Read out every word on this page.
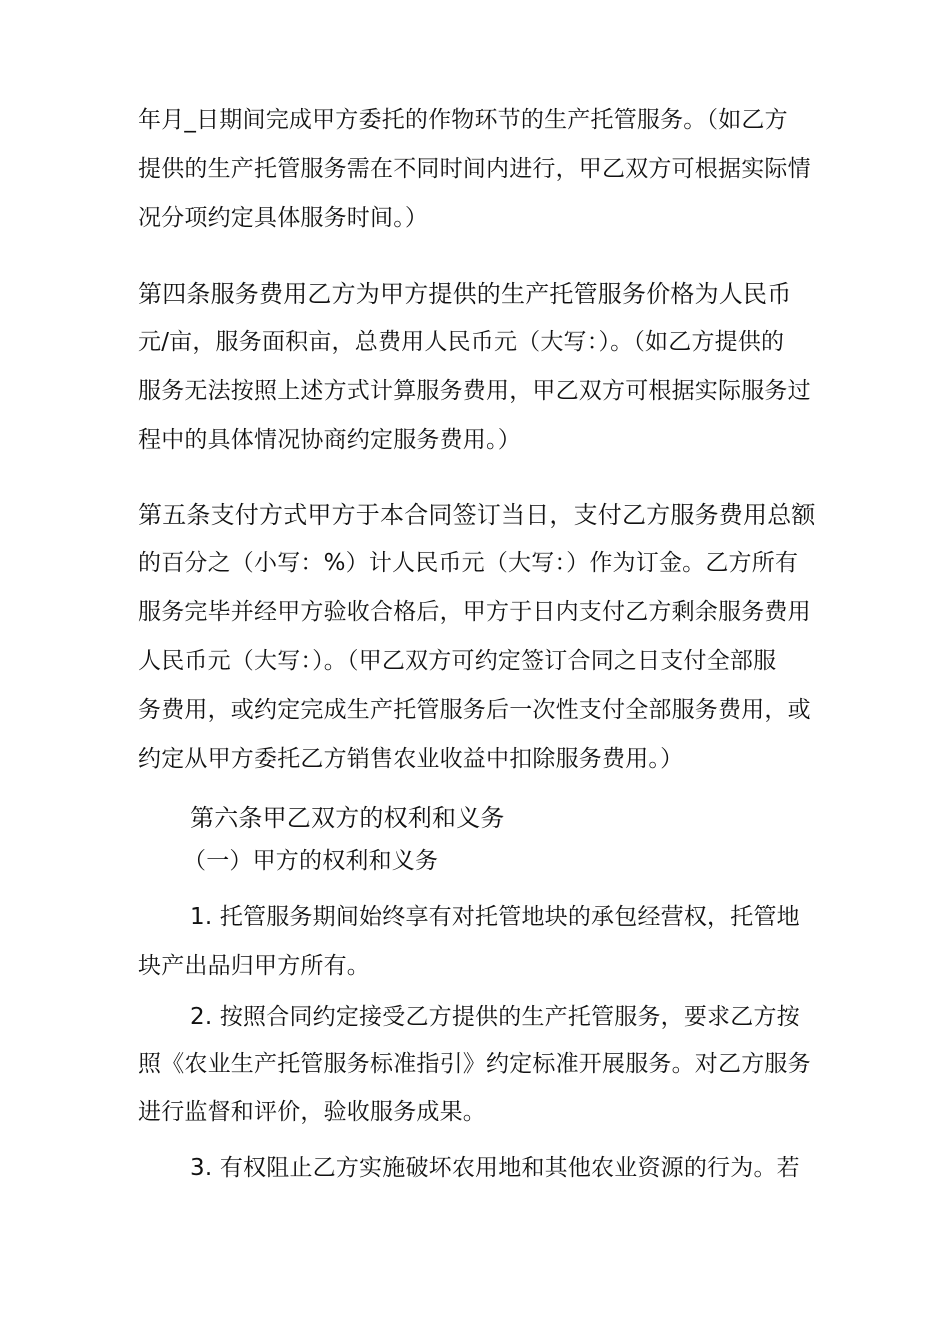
年月_日期间完成甲方委托的作物环节的生产托管服务。（如乙方
提供的生产托管服务需在不同时间内进行，甲乙双方可根据实际情
况分项约定具体服务时间。）
第四条服务费用乙方为甲方提供的生产托管服务价格为人民币
元/亩，服务面积亩，总费用人民币元（大写：）。（如乙方提供的
服务无法按照上述方式计算服务费用，甲乙双方可根据实际服务过
程中的具体情况协商约定服务费用。）
第五条支付方式甲方于本合同签订当日，支付乙方服务费用总额
的百分之（小写：%）计人民币元（大写：）作为订金。乙方所有
服务完毕并经甲方验收合格后，甲方于日内支付乙方剩余服务费用
人民币元（大写：）。（甲乙双方可约定签订合同之日支付全部服
务费用，或约定完成生产托管服务后一次性支付全部服务费用，或
约定从甲方委托乙方销售农业收益中扣除服务费用。）
第六条甲乙双方的权利和义务
（一）甲方的权利和义务
1. 托管服务期间始终享有对托管地块的承包经营权，托管地
块产出品归甲方所有。
2. 按照合同约定接受乙方提供的生产托管服务，要求乙方按
照《农业生产托管服务标准指引》约定标准开展服务。对乙方服务
进行监督和评价，验收服务成果。
3. 有权阻止乙方实施破坏农用地和其他农业资源的行为。若
